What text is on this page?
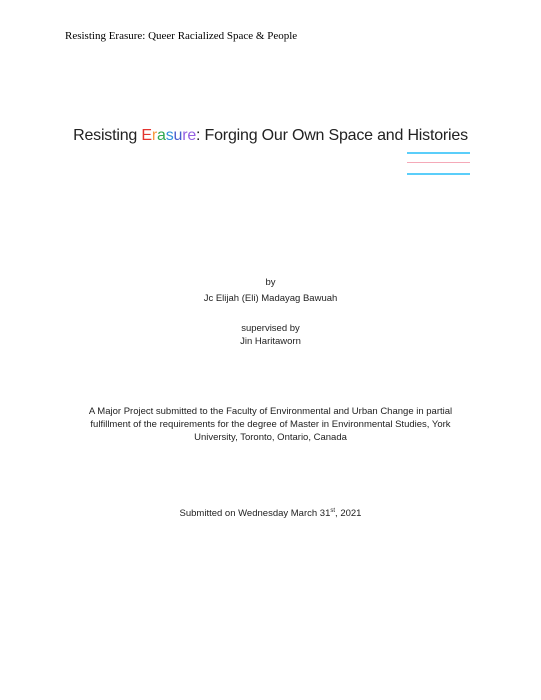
Resisting Erasure: Queer Racialized Space & People
Resisting Erasure: Forging Our Own Space and Histories
by
Jc Elijah (Eli) Madayag Bawuah
supervised by
Jin Haritaworn
A Major Project submitted to the Faculty of Environmental and Urban Change in partial fulfillment of the requirements for the degree of Master in Environmental Studies, York University, Toronto, Ontario, Canada
Submitted on Wednesday March 31st, 2021
